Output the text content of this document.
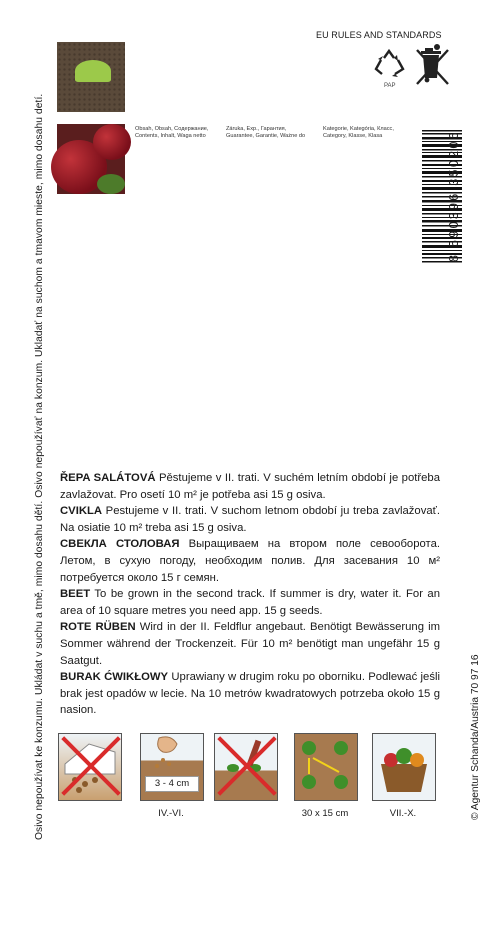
Osivo nepoužívat ke konzumu. Ukládat v suchu a tmě, mimo dosahu dětí. Osivo nepoužívať na konzum. Ukladať na suchom a tmavom mieste, mimo dosahu detí.	© Agentur Schanda/Austria 70 97 16
Obsah, Obsah, Содержание,
Contents, Inhalt, Waga netto
Záruka, Exp., Гарантия,
Guarantee, Garantie, Ważne do
Kategorie, Kategória, Класс,
Category, Klasse, Klasa
EU RULES AND STANDARDS
PAP
8 590396 350206

ŘEPA SALÁTOVÁ Pěstujeme v II. trati. V suchém letním období je potřeba zavlažovat. Pro osetí 10 m² je potřeba asi 15 g osiva.

CVIKLA Pestujeme v II. trati. V suchom letnom období ju treba zavlažovať. Na osiatie 10 m² treba asi 15 g osiva.

СВЕКЛА СТОЛОВАЯ Выращиваем на втором поле севооборота. Летом, в сухую погоду, необходим полив. Для засевания 10 м² потребуется около 15 г семян.

BEET To be grown in the second track. If summer is dry, water it. For an area of 10 square metres you need app. 15 g seeds.

ROTE RÜBEN Wird in der II. Feldflur angebaut. Benötigt Bewässerung im Sommer während der Trockenzeit. Für 10 m² benötigt man ungefähr 15 g Saatgut.

BURAK ĆWIKŁOWY Uprawiany w drugim roku po oborniku. Podlewać jeśli brak jest opadów w lecie. Na 10 metrów kwadratowych potrzeba około 15 g nasion.

3 - 4 cm
IV.-VI.	30 x 15 cm	VII.-X.
